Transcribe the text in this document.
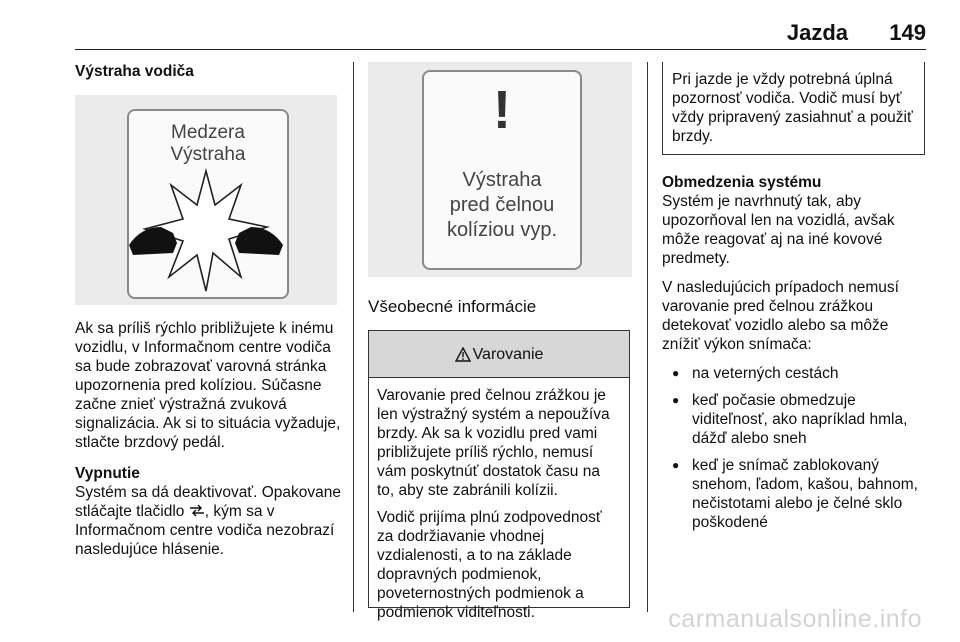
Jazda 149
Výstraha vodiča
Medzera
Výstraha

Ak sa príliš rýchlo približujete k inému vozidlu, v Informačnom centre vodiča sa bude zobrazovať varovná stránka upozornenia pred kolíziou. Súčasne začne znieť výstražná zvuková signalizácia. Ak si to situácia vyžaduje, stlačte brzdový pedál.

Vypnutie

Systém sa dá deaktivovať. Opakovane stláčajte tlačidlo , kým sa v Informačnom centre vodiča nezobrazí nasledujúce hlásenie.

!
Výstraha
pred čelnou
kolíziou vyp.
Všeobecné informácie
Varovanie

Varovanie pred čelnou zrážkou je len výstražný systém a nepoužíva brzdy. Ak sa k vozidlu pred vami približujete príliš rýchlo, nemusí vám poskytnúť dostatok času na to, aby ste zabránili kolízii.

Vodič prijíma plnú zodpovednosť za dodržiavanie vhodnej vzdialenosti, a to na základe dopravných podmienok, poveternostných podmienok a podmienok viditeľnosti.

Pri jazde je vždy potrebná úplná pozornosť vodiča. Vodič musí byť vždy pripravený zasiahnuť a použiť brzdy.
Obmedzenia systému

Systém je navrhnutý tak, aby upozorňoval len na vozidlá, avšak môže reagovať aj na iné kovové predmety.

V nasledujúcich prípadoch nemusí varovanie pred čelnou zrážkou detekovať vozidlo alebo sa môže znížiť výkon snímača:

● na veterných cestách
● keď počasie obmedzuje viditeľnosť, ako napríklad hmla, dážď alebo sneh
● keď je snímač zablokovaný snehom, ľadom, kašou, bahnom, nečistotami alebo je čelné sklo poškodené
carmanualsonline.info
